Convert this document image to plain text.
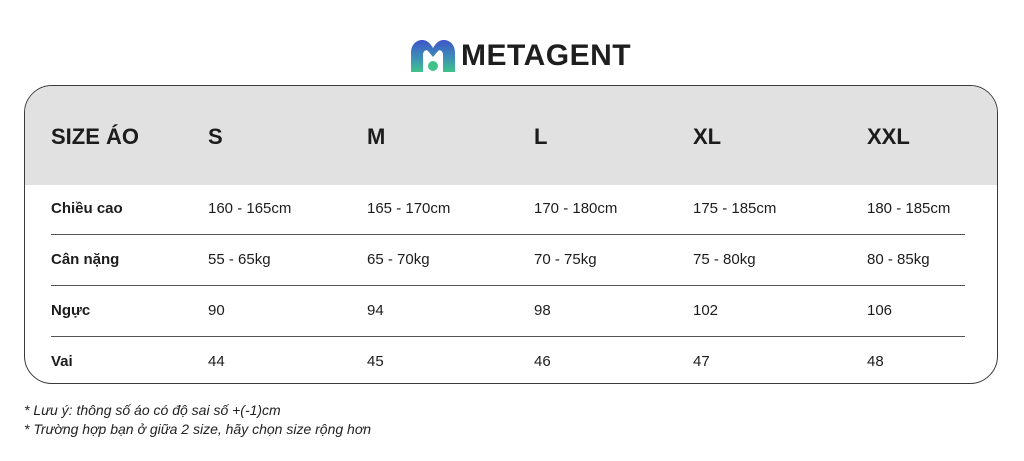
METAGENT
SIZE ÁO	S	M	L	XL	XXL
Chiều cao	160 - 165cm	165 - 170cm	170 - 180cm	175 - 185cm	180 - 185cm
Cân nặng	55 - 65kg	65 - 70kg	70 - 75kg	75 - 80kg	80 - 85kg
Ngực	90	94	98	102	106
Vai	44	45	46	47	48
* Lưu ý: thông số áo có độ sai số +(-1)cm
* Trường hợp bạn ở giữa 2 size, hãy chọn size rộng hơn
